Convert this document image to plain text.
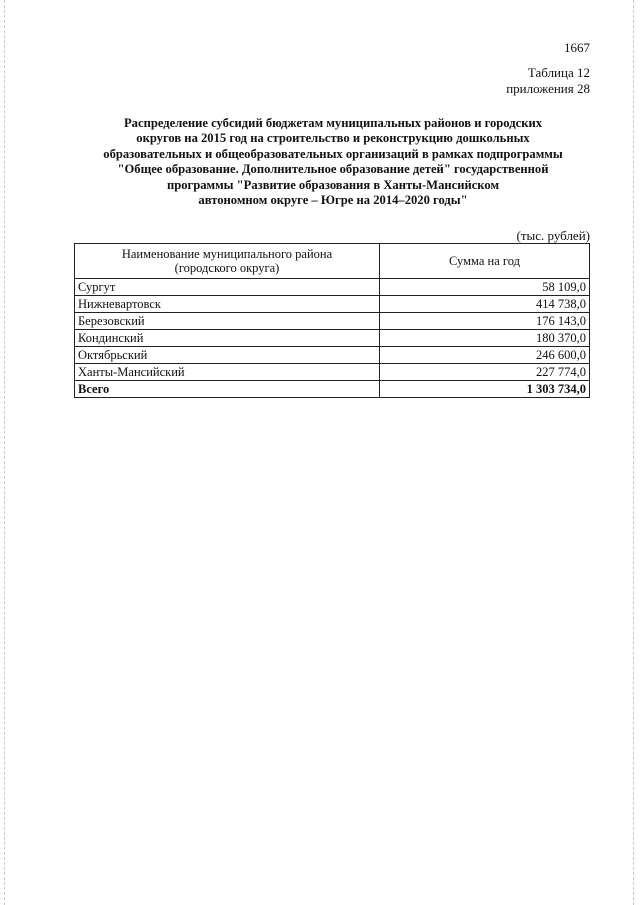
1667
Таблица 12
приложения 28
Распределение субсидий бюджетам муниципальных районов и городских
округов на 2015 год на строительство и реконструкцию дошкольных
образовательных и общеобразовательных организаций в рамках подпрограммы
"Общее образование. Дополнительное образование детей" государственной
программы "Развитие образования в Ханты-Мансийском
автономном округе – Югре на 2014–2020 годы"
(тыс. рублей)
Наименование муниципального района
(городского округа)	Сумма на год
Сургут	58 109,0
Нижневартовск	414 738,0
Березовский	176 143,0
Кондинский	180 370,0
Октябрьский	246 600,0
Ханты-Мансийский	227 774,0
Всего	1 303 734,0
